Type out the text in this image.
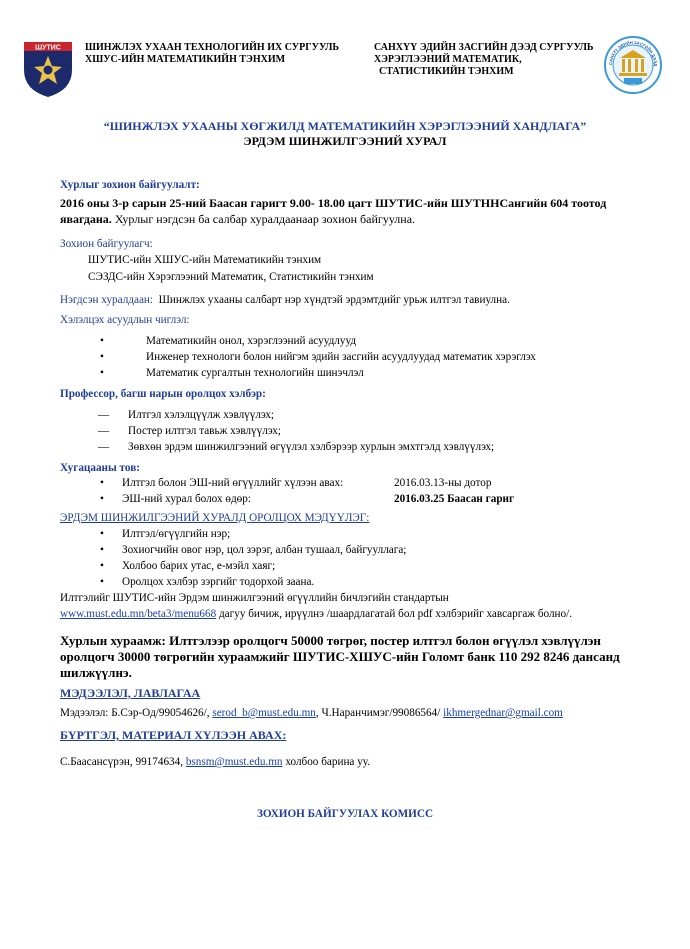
ШУТИС ШИНЖЛЭХ УХААН ТЕХНОЛОГИЙН ИХ СУРГУУЛЬ
ХШУС-ИЙН МАТЕМАТИКИЙН ТЭНХИМ
САНХҮҮ ЭДИЙН ЗАСГИЙН ДЭЭД СУРГУУЛЬ
ХЭРЭГЛЭЭНИЙ МАТЕМАТИК,
СТАТИСТИКИЙН ТЭНХИМ
САНХҮҮ ЭДИЙН ЗАСГИЙН ДЭЭД
“ШИНЖЛЭХ УХААНЫ ХӨГЖИЛД МАТЕМАТИКИЙН ХЭРЭГЛЭЭНИЙ ХАНДЛАГА”
ЭРДЭМ ШИНЖИЛГЭЭНИЙ ХУРАЛ
Хурлыг зохион байгуулалт:
2016 оны 3-р сарын 25-ний Баасан гаригт 9.00- 18.00 цагт ШУТИС-ийн ШУТННСангийн 604 тоотод явагдана. Хурлыг нэгдсэн ба салбар хуралдаанаар зохион байгуулна.
Зохион байгуулагч:
ШУТИС-ийн ХШУС-ийн Математикийн тэнхим
СЭЗДС-ийн Хэрэглээний Математик, Статистикийн тэнхим
Нэгдсэн хуралдаан: Шинжлэх ухааны салбарт нэр хүндтэй эрдэмтдийг урьж илтгэл тавиулна.
Хэлэлцэх асуудлын чиглэл:
•	Математикийн онол, хэрэглээний асуудлууд
•	Инженер технологи болон нийгэм эдийн засгийн асуудлуудад математик хэрэглэх
•	Математик сургалтын технологийн шинэчлэл
Профессор, багш нарын оролцох хэлбэр:
— Илтгэл хэлэлцүүлж хэвлүүлэх;
— Постер илтгэл тавьж хэвлүүлэх;
— Зөвхөн эрдэм шинжилгээний өгүүлэл хэлбэрээр хурлын эмхтгэлд хэвлүүлэх;
Хугацааны тов:
• Илтгэл болон ЭШ-ний өгүүллийг хүлээн авах:	2016.03.13-ны дотор
• ЭШ-ний хурал болох өдөр:	2016.03.25 Баасан гариг
ЭРДЭМ ШИНЖИЛГЭЭНИЙ ХУРАЛД ОРОЛЦОХ МЭДҮҮЛЭГ:
• Илтгэл/өгүүлгийн нэр;
• Зохиогчийн овог нэр, цол зэрэг, албан тушаал, байгууллага;
• Холбоо барих утас, е-мэйл хаяг;
• Оролцох хэлбэр зэргийг тодорхой заана.
Илтгэлийг ШУТИС-ийн Эрдэм шинжилгээний өгүүллийн бичлэгийн стандартын
www.must.edu.mn/beta3/menu668 дагуу бичиж, ирүүлнэ /шаардлагатай бол pdf хэлбэрийг хавсаргаж болно/.
Хурлын хураамж: Илтгэлээр оролцогч 50000 төгрөг, постер илтгэл болон өгүүлэл хэвлүүлэн оролцогч 30000 төгрөгийн хураамжийг ШУТИС-ХШУС-ийн Голомт банк 110 292 8246 дансанд шилжүүлнэ.
МЭДЭЭЛЭЛ, ЛАВЛАГАА
Мэдээлэл: Б.Сэр-Од/99054626/, serod_b@must.edu.mn, Ч.Наранчимэг/99086564/ ikhmergednar@gmail.com
БҮРТГЭЛ, МАТЕРИАЛ ХҮЛЭЭН АВАХ:
С.Баасансүрэн, 99174634, bsnsm@must.edu.mn холбоо барина уу.
ЗОХИОН БАЙГУУЛАХ КОМИСС
